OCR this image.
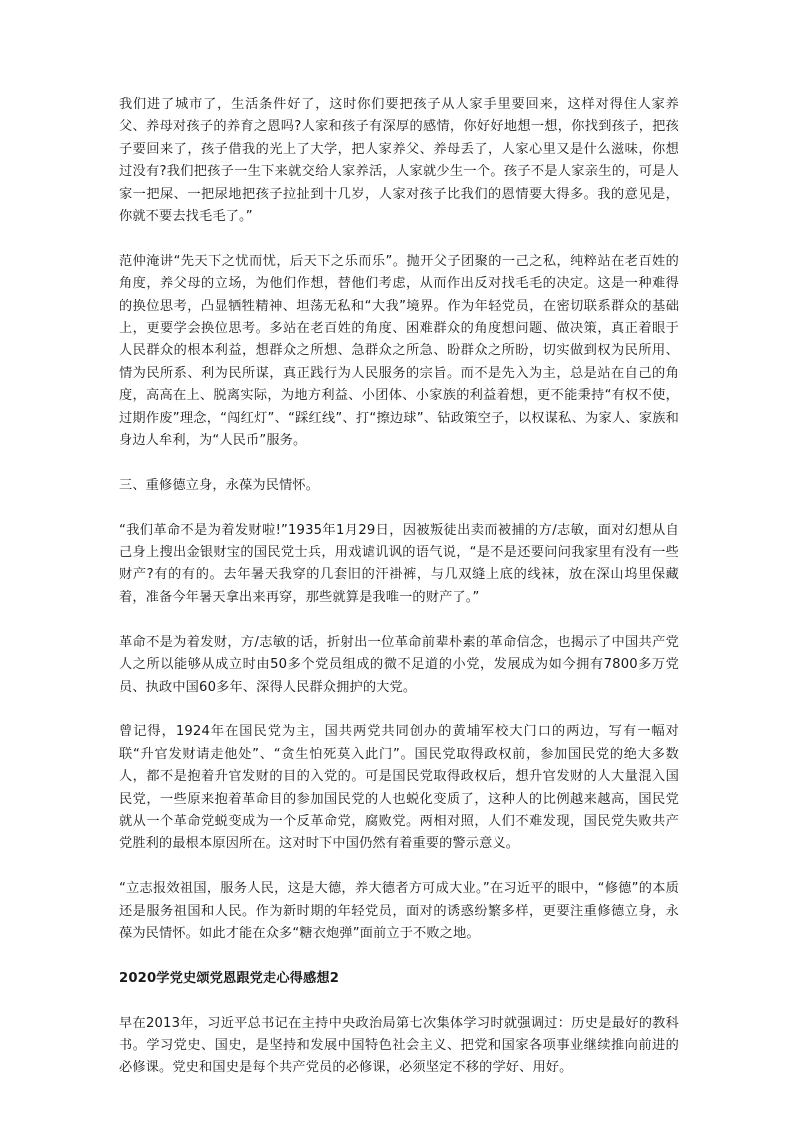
我们进了城市了，生活条件好了，这时你们要把孩子从人家手里要回来，这样对得住人家养父、养母对孩子的养育之恩吗?人家和孩子有深厚的感情，你好好地想一想，你找到孩子，把孩子要回来了，孩子借我的光上了大学，把人家养父、养母丢了，人家心里又是什么滋味，你想过没有?我们把孩子一生下来就交给人家养活，人家就少生一个。孩子不是人家亲生的，可是人家一把屎、一把尿地把孩子拉扯到十几岁，人家对孩子比我们的恩情要大得多。我的意见是，你就不要去找毛毛了。”

范仲淹讲“先天下之忧而忧，后天下之乐而乐”。抛开父子团聚的一己之私，纯粹站在老百姓的角度，养父母的立场，为他们作想，替他们考虑，从而作出反对找毛毛的决定。这是一种难得的换位思考，凸显牺牲精神、坦荡无私和“大我”境界。作为年轻党员，在密切联系群众的基础上，更要学会换位思考。多站在老百姓的角度、困难群众的角度想问题、做决策，真正着眼于人民群众的根本利益，想群众之所想、急群众之所急、盼群众之所盼，切实做到权为民所用、情为民所系、利为民所谋，真正践行为人民服务的宗旨。而不是先入为主，总是站在自己的角度，高高在上、脱离实际，为地方利益、小团体、小家族的利益着想，更不能秉持“有权不使，过期作废”理念，“闯红灯”、“踩红线”、打“擦边球”、钻政策空子，以权谋私、为家人、家族和身边人牟利，为“人民币”服务。

三、重修德立身，永葆为民情怀。

“我们革命不是为着发财啦!”1935年1月29日，因被叛徒出卖而被捕的方/志敏，面对幻想从自己身上搜出金银财宝的国民党士兵，用戏谑讥讽的语气说，“是不是还要问问我家里有没有一些财产?有的有的。去年暑天我穿的几套旧的汗褂裤，与几双缝上底的线袜，放在深山坞里保藏着，准备今年暑天拿出来再穿，那些就算是我唯一的财产了。”

革命不是为着发财，方/志敏的话，折射出一位革命前辈朴素的革命信念，也揭示了中国共产党人之所以能够从成立时由50多个党员组成的微不足道的小党，发展成为如今拥有7800多万党员、执政中国60多年、深得人民群众拥护的大党。

曾记得，1924年在国民党为主，国共两党共同创办的黄埔军校大门口的两边，写有一幅对联“升官发财请走他处”、“贪生怕死莫入此门”。国民党取得政权前，参加国民党的绝大多数人，都不是抱着升官发财的目的入党的。可是国民党取得政权后，想升官发财的人大量混入国民党，一些原来抱着革命目的参加国民党的人也蜕化变质了，这种人的比例越来越高，国民党就从一个革命党蜕变成为一个反革命党，腐败党。两相对照，人们不难发现，国民党失败共产党胜利的最根本原因所在。这对时下中国仍然有着重要的警示意义。

“立志报效祖国，服务人民，这是大德，养大德者方可成大业。”在习近平的眼中，“修德”的本质还是服务祖国和人民。作为新时期的年轻党员，面对的诱惑纷繁多样，更要注重修德立身，永葆为民情怀。如此才能在众多“糖衣炮弹”面前立于不败之地。

2020学党史颂党恩跟党走心得感想2

早在2013年，习近平总书记在主持中央政治局第七次集体学习时就强调过：历史是最好的教科书。学习党史、国史，是坚持和发展中国特色社会主义、把党和国家各项事业继续推向前进的必修课。党史和国史是每个共产党员的必修课，必须坚定不移的学好、用好。
